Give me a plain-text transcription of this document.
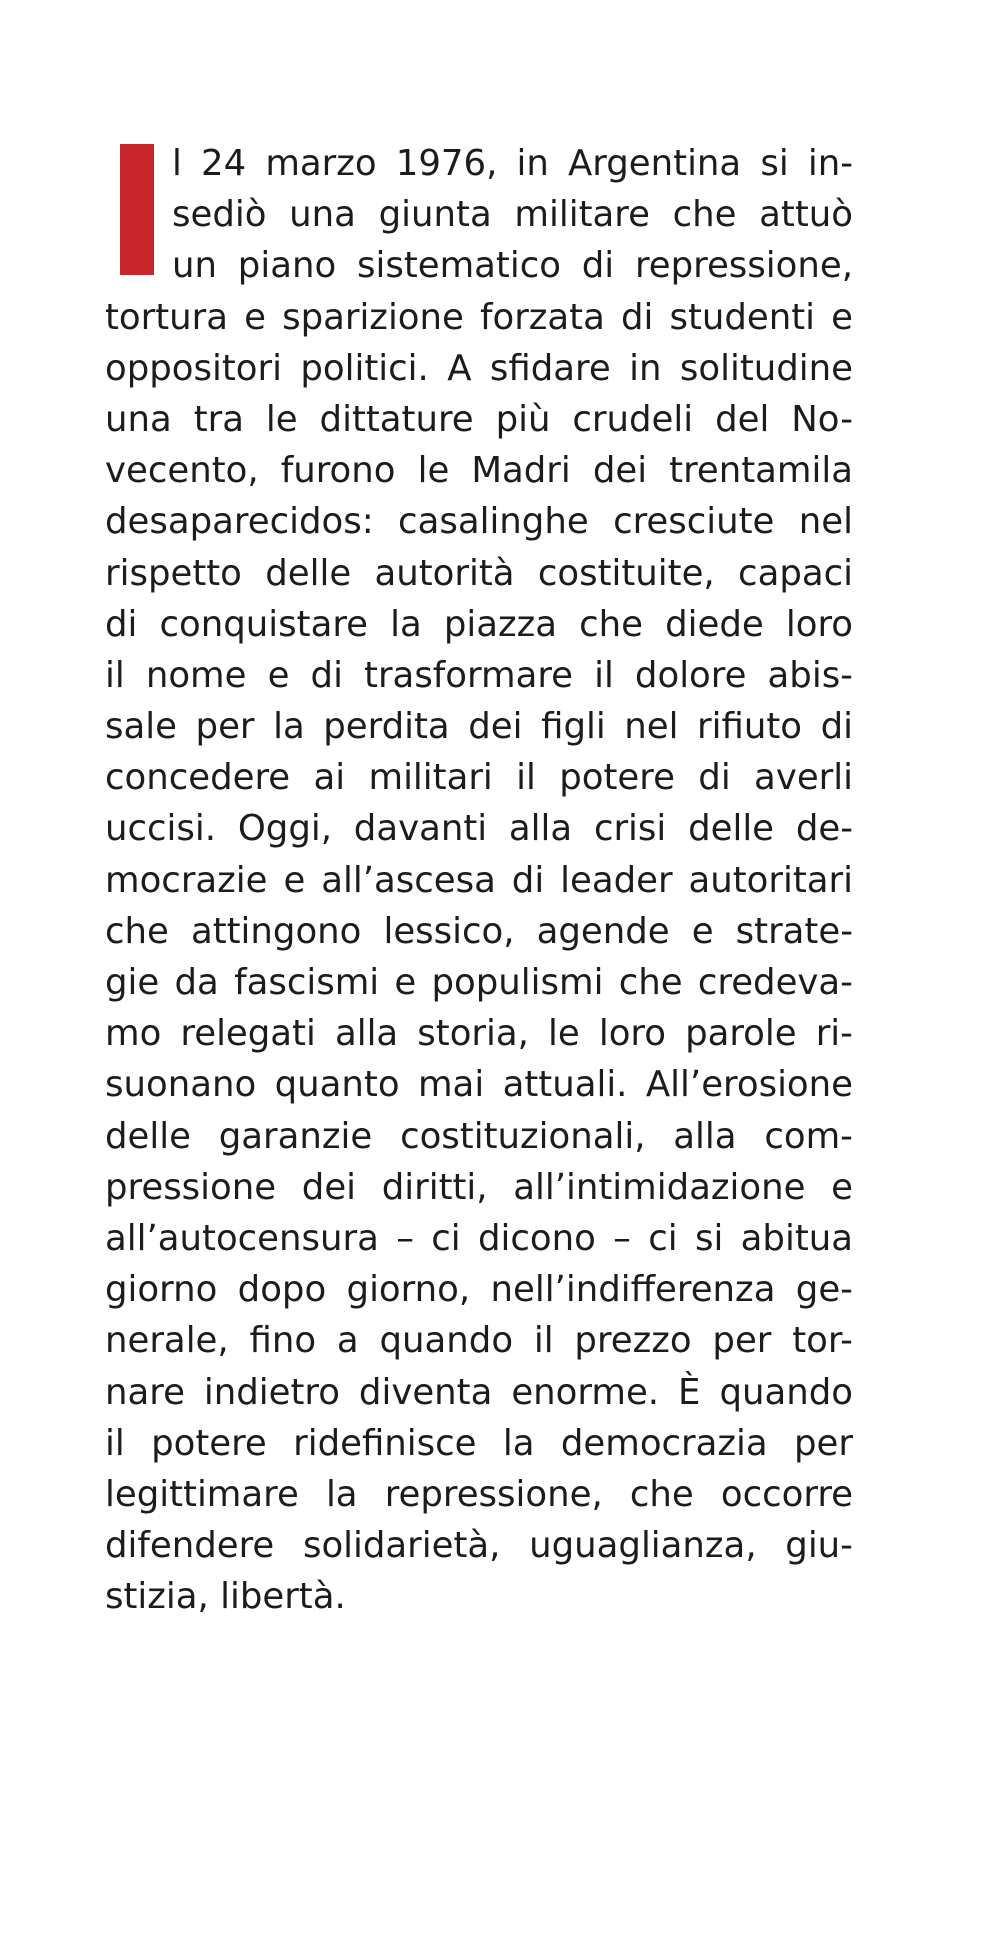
l 24 marzo 1976, in Argentina si in-
sediò una giunta militare che attuò
un piano sistematico di repressione,
tortura e sparizione forzata di studenti e
oppositori politici. A sfidare in solitudine
una tra le dittature più crudeli del No-
vecento, furono le Madri dei trentamila
desaparecidos: casalinghe cresciute nel
rispetto delle autorità costituite, capaci
di conquistare la piazza che diede loro
il nome e di trasformare il dolore abis-
sale per la perdita dei figli nel rifiuto di
concedere ai militari il potere di averli
uccisi. Oggi, davanti alla crisi delle de-
mocrazie e all’ascesa di leader autoritari
che attingono lessico, agende e strate-
gie da fascismi e populismi che credeva-
mo relegati alla storia, le loro parole ri-
suonano quanto mai attuali. All’erosione
delle garanzie costituzionali, alla com-
pressione dei diritti, all’intimidazione e
all’autocensura – ci dicono – ci si abitua
giorno dopo giorno, nell’indifferenza ge-
nerale, fino a quando il prezzo per tor-
nare indietro diventa enorme. È quando
il potere ridefinisce la democrazia per
legittimare la repressione, che occorre
difendere solidarietà, uguaglianza, giu-
stizia, libertà.
